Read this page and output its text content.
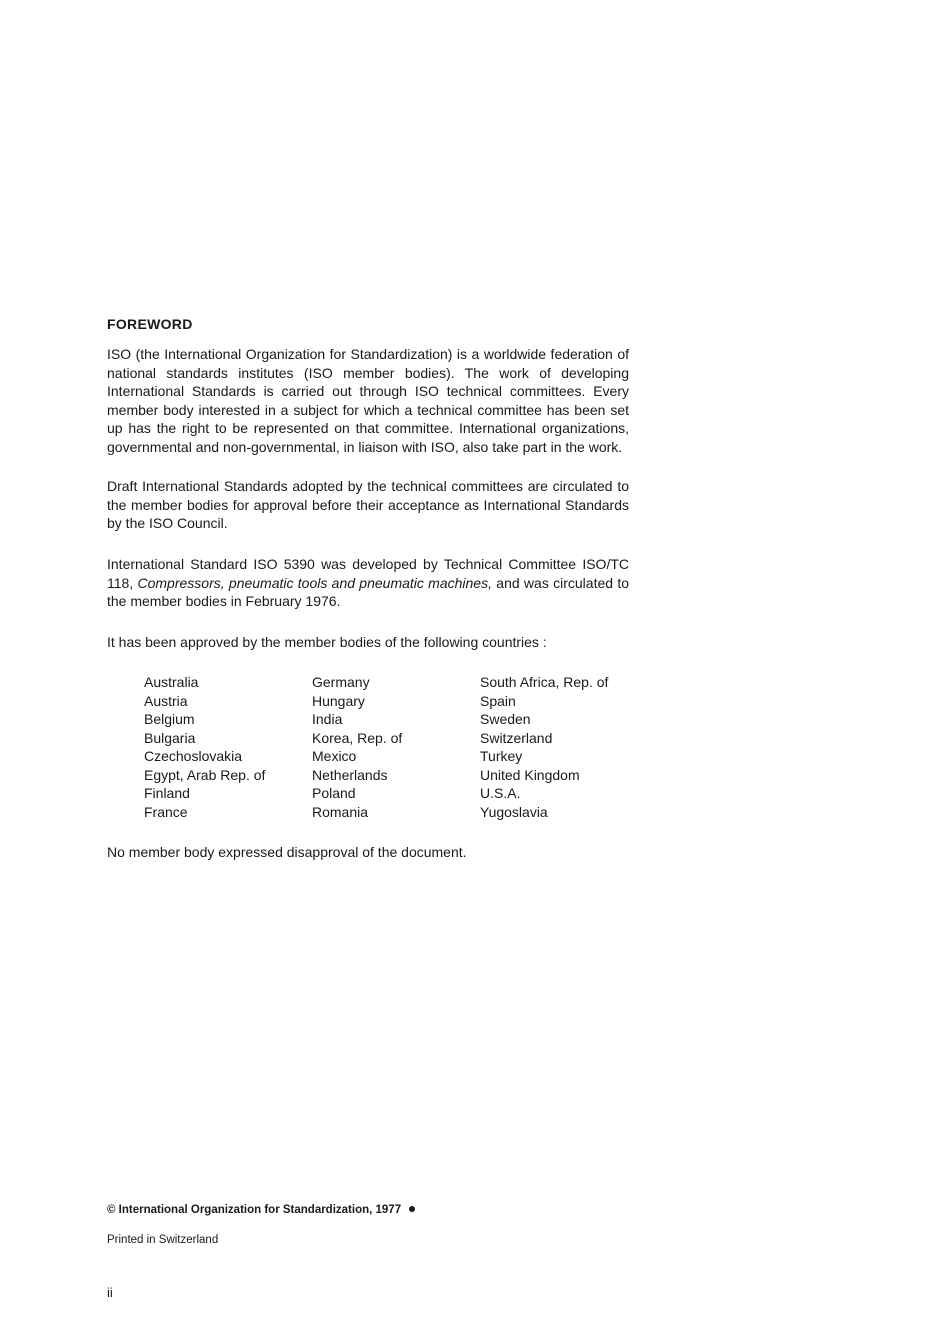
FOREWORD

ISO (the International Organization for Standardization) is a worldwide federation of national standards institutes (ISO member bodies). The work of developing International Standards is carried out through ISO technical committees. Every member body interested in a subject for which a technical committee has been set up has the right to be represented on that committee. International organizations, governmental and non-governmental, in liaison with ISO, also take part in the work.

Draft International Standards adopted by the technical committees are circulated to the member bodies for approval before their acceptance as International Standards by the ISO Council.

International Standard ISO 5390 was developed by Technical Committee ISO/TC 118, Compressors, pneumatic tools and pneumatic machines, and was circulated to the member bodies in February 1976.

It has been approved by the member bodies of the following countries :

Australia
Austria
Belgium
Bulgaria
Czechoslovakia
Egypt, Arab Rep. of
Finland
France
Germany
Hungary
India
Korea, Rep. of
Mexico
Netherlands
Poland
Romania
South Africa, Rep. of
Spain
Sweden
Switzerland
Turkey
United Kingdom
U.S.A.
Yugoslavia

No member body expressed disapproval of the document.

© International Organization for Standardization, 1977

Printed in Switzerland

ii
